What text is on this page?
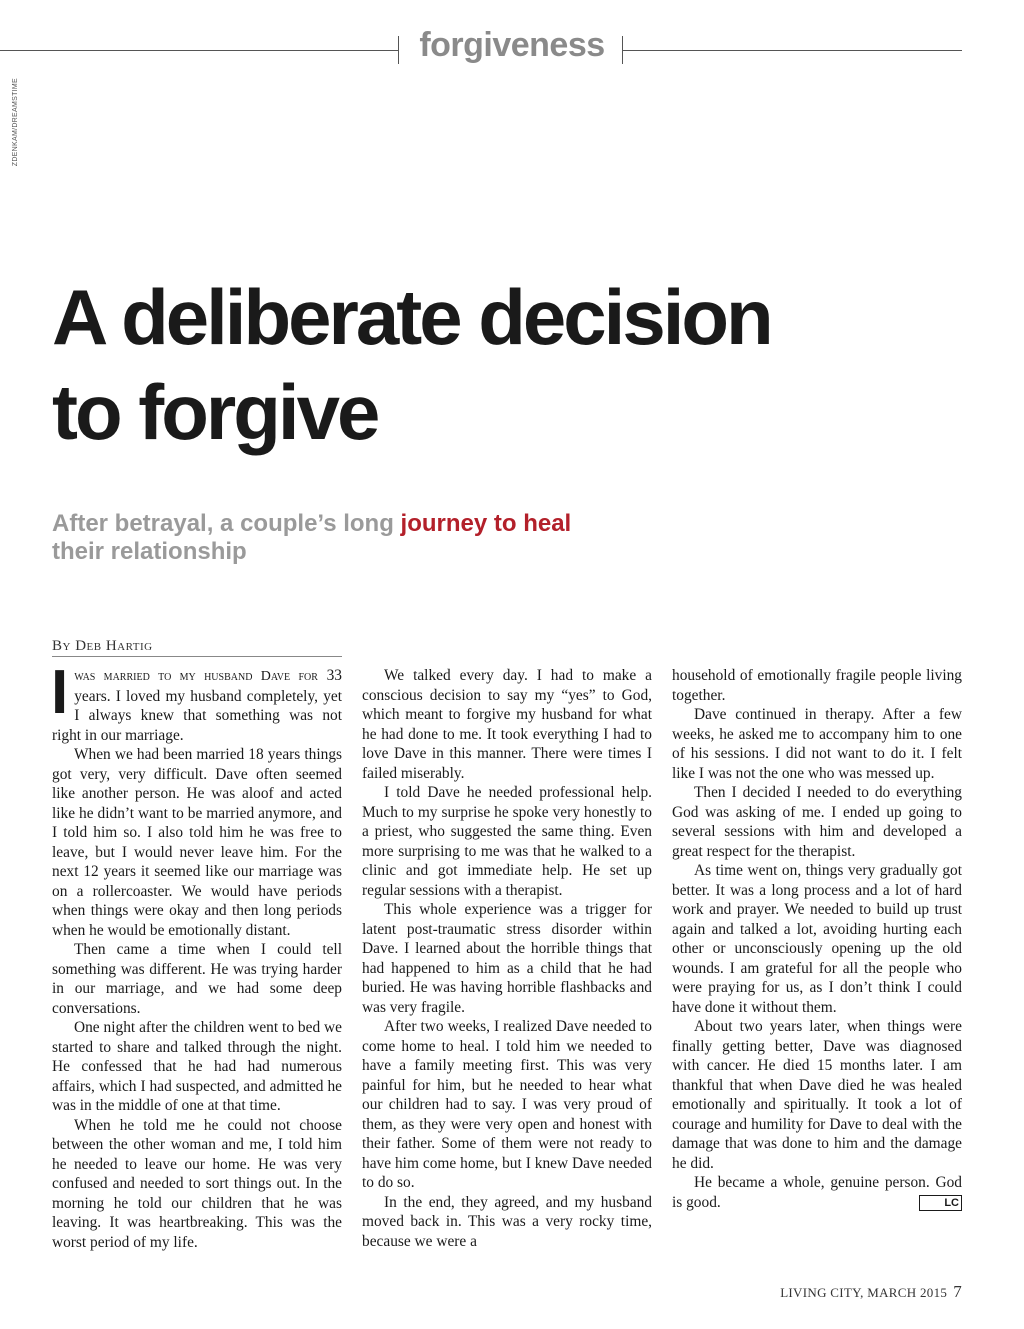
forgiveness
ZDENKAM/DREAMSTIME
A deliberate decision
to forgive

After betrayal, a couple’s long journey to heal
their relationship

By Deb Hartig

Iwas married to my husband Dave for 33 years. I loved my husband completely, yet I always knew that something was not right in our marriage.

When we had been married 18 years things got very, very difficult. Dave often seemed like another person. He was aloof and acted like he didn’t want to be married anymore, and I told him so. I also told him he was free to leave, but I would never leave him. For the next 12 years it seemed like our marriage was on a rollercoaster. We would have periods when things were okay and then long periods when he would be emotionally distant.

Then came a time when I could tell something was different. He was trying harder in our marriage, and we had some deep conversations.

One night after the children went to bed we started to share and talked through the night. He confessed that he had had numerous affairs, which I had suspected, and admitted he was in the middle of one at that time.

When he told me he could not choose between the other woman and me, I told him he needed to leave our home. He was very confused and needed to sort things out. In the morning he told our children that he was leaving. It was heartbreaking. This was the worst period of my life.

We talked every day. I had to make a conscious decision to say my “yes” to God, which meant to forgive my husband for what he had done to me. It took everything I had to love Dave in this manner. There were times I failed miserably.

I told Dave he needed professional help. Much to my surprise he spoke very honestly to a priest, who suggested the same thing. Even more surprising to me was that he walked to a clinic and got immediate help. He set up regular sessions with a therapist.

This whole experience was a trigger for latent post-traumatic stress disorder within Dave. I learned about the horrible things that had happened to him as a child that he had buried. He was having horrible flashbacks and was very fragile.

After two weeks, I realized Dave needed to come home to heal. I told him we needed to have a family meeting first. This was very painful for him, but he needed to hear what our children had to say. I was very proud of them, as they were very open and honest with their father. Some of them were not ready to have him come home, but I knew Dave needed to do so.

In the end, they agreed, and my husband moved back in. This was a very rocky time, because we were a

household of emotionally fragile people living together.

Dave continued in therapy. After a few weeks, he asked me to accompany him to one of his sessions. I did not want to do it. I felt like I was not the one who was messed up.

Then I decided I needed to do everything God was asking of me. I ended up going to several sessions with him and developed a great respect for the therapist.

As time went on, things very gradually got better. It was a long process and a lot of hard work and prayer. We needed to build up trust again and talked a lot, avoiding hurting each other or unconsciously opening up the old wounds. I am grateful for all the people who were praying for us, as I don’t think I could have done it without them.

About two years later, when things were finally getting better, Dave was diagnosed with cancer. He died 15 months later. I am thankful that when Dave died he was healed emotionally and spiritually. It took a lot of courage and humility for Dave to deal with the damage that was done to him and the damage he did.

He became a whole, genuine person. God is good.	LC

LIVING CITY, MARCH 2015 7
